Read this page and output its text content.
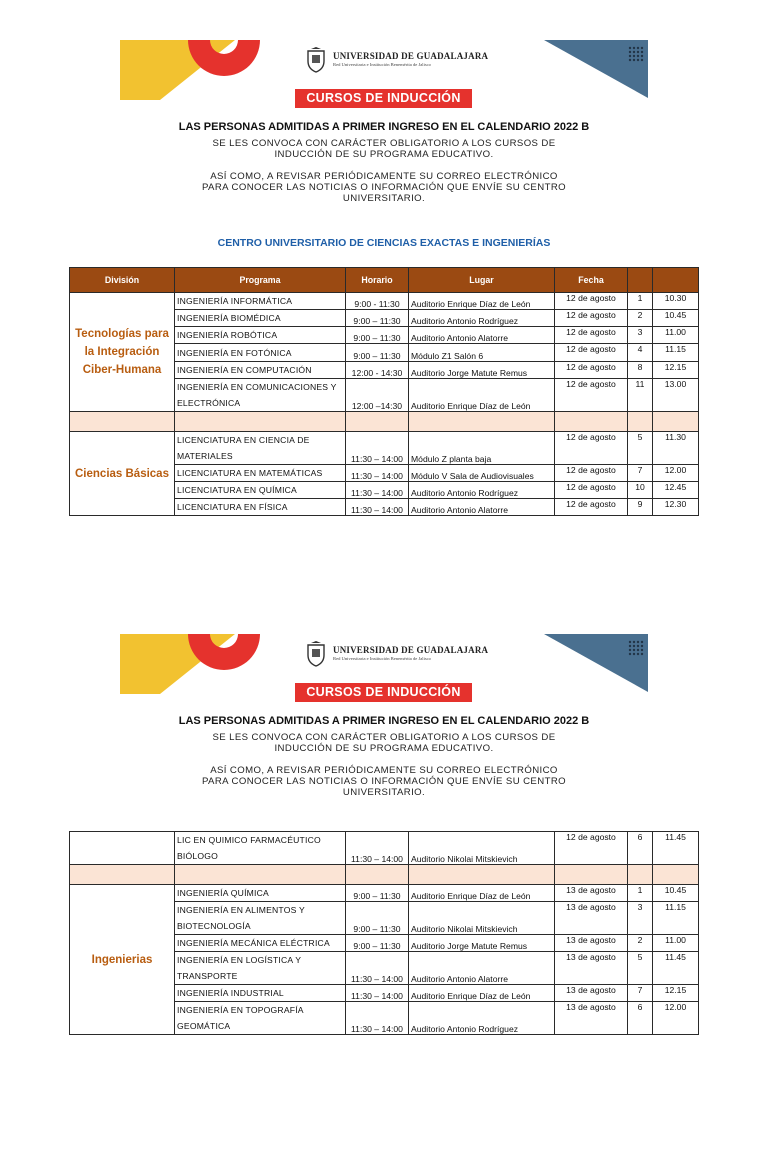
UNIVERSIDAD DE GUADALAJARA
Red Universitaria e Institución Benemérita de Jalisco
CURSOS DE INDUCCIÓN
LAS PERSONAS ADMITIDAS A PRIMER INGRESO EN EL CALENDARIO 2022 B
SE LES CONVOCA CON CARÁCTER OBLIGATORIO A LOS CURSOS DE INDUCCIÓN DE SU PROGRAMA EDUCATIVO.
ASÍ COMO, A REVISAR PERIÓDICAMENTE SU CORREO ELECTRÓNICO PARA CONOCER LAS NOTICIAS O INFORMACIÓN QUE ENVÍE SU CENTRO UNIVERSITARIO.
CENTRO UNIVERSITARIO DE CIENCIAS EXACTAS E INGENIERÍAS
División	Programa	Horario	Lugar	Fecha		
Tecnologías para la Integración Ciber-Humana	INGENIERÍA INFORMÁTICA	9:00 - 11:30	Auditorio Enrique Díaz de León	12 de agosto	1	10.30
	INGENIERÍA BIOMÉDICA	9:00 – 11:30	Auditorio Antonio Rodríguez	12 de agosto	2	10.45
	INGENIERÍA ROBÓTICA	9:00 – 11:30	Auditorio Antonio Alatorre	12 de agosto	3	11.00
	INGENIERÍA EN FOTÓNICA	9:00 – 11:30	Módulo Z1 Salón 6	12 de agosto	4	11.15
	INGENIERÍA EN COMPUTACIÓN	12:00 - 14:30	Auditorio Jorge Matute Remus	12 de agosto	8	12.15
	INGENIERÍA EN COMUNICACIONES Y ELECTRÓNICA	12:00 –14:30	Auditorio Enrique Díaz de León	12 de agosto	11	13.00

Ciencias Básicas	LICENCIATURA EN CIENCIA DE MATERIALES	11:30 – 14:00	Módulo Z planta baja	12 de agosto	5	11.30
	LICENCIATURA EN MATEMÁTICAS	11:30 – 14:00	Módulo V Sala de Audiovisuales	12 de agosto	7	12.00
	LICENCIATURA EN QUÍMICA	11:30 – 14:00	Auditorio Antonio Rodríguez	12 de agosto	10	12.45
	LICENCIATURA EN FÍSICA	11:30 – 14:00	Auditorio Antonio Alatorre	12 de agosto	9	12.30
UNIVERSIDAD DE GUADALAJARA
Red Universitaria e Institución Benemérita de Jalisco
CURSOS DE INDUCCIÓN
LAS PERSONAS ADMITIDAS A PRIMER INGRESO EN EL CALENDARIO 2022 B
SE LES CONVOCA CON CARÁCTER OBLIGATORIO A LOS CURSOS DE INDUCCIÓN DE SU PROGRAMA EDUCATIVO.
ASÍ COMO, A REVISAR PERIÓDICAMENTE SU CORREO ELECTRÓNICO PARA CONOCER LAS NOTICIAS O INFORMACIÓN QUE ENVÍE SU CENTRO UNIVERSITARIO.
	LIC EN QUIMICO FARMACÉUTICO BIÓLOGO	11:30 – 14:00	Auditorio Nikolai Mitskievich	12 de agosto	6	11.45

Ingenierias	INGENIERÍA QUÍMICA	9:00 – 11:30	Auditorio Enrique Díaz de León	13 de agosto	1	10.45
	INGENIERÍA EN ALIMENTOS Y BIOTECNOLOGÍA	9:00 – 11:30	Auditorio Nikolai Mitskievich	13 de agosto	3	11.15
	INGENIERÍA MECÁNICA ELÉCTRICA	9:00 – 11:30	Auditorio Jorge Matute Remus	13 de agosto	2	11.00
	INGENIERÍA EN LOGÍSTICA Y TRANSPORTE	11:30 – 14:00	Auditorio Antonio Alatorre	13 de agosto	5	11.45
	INGENIERÍA INDUSTRIAL	11:30 – 14:00	Auditorio Enrique Díaz de León	13 de agosto	7	12.15
	INGENIERÍA EN TOPOGRAFÍA GEOMÁTICA	11:30 – 14:00	Auditorio Antonio Rodríguez	13 de agosto	6	12.00
